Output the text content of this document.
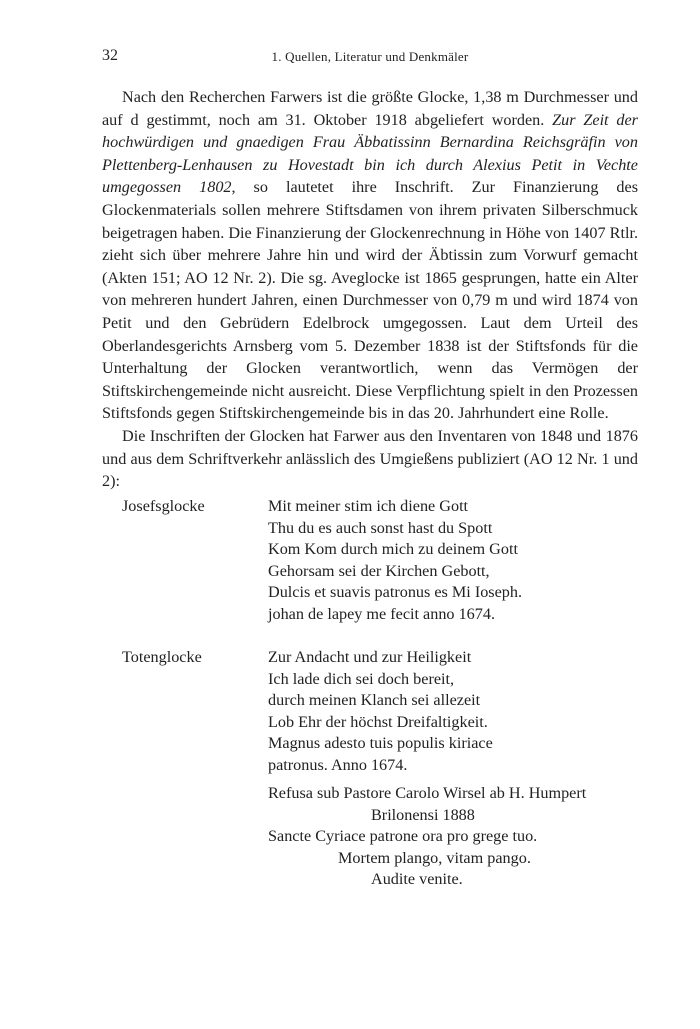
32	1. Quellen, Literatur und Denkmäler

Nach den Recherchen Farwers ist die größte Glocke, 1,38 m Durchmesser und auf d gestimmt, noch am 31. Oktober 1918 abgeliefert worden. Zur Zeit der hochwürdigen und gnaedigen Frau Äbbatissinn Bernardina Reichsgräfin von Plettenberg-Lenhausen zu Hovestadt bin ich durch Alexius Petit in Vechte umgegossen 1802, so lautetet ihre Inschrift. Zur Finanzierung des Glockenmaterials sollen mehrere Stiftsdamen von ihrem privaten Silberschmuck beigetragen haben. Die Finanzierung der Glockenrechnung in Höhe von 1407 Rtlr. zieht sich über mehrere Jahre hin und wird der Äbtissin zum Vorwurf gemacht (Akten 151; AO 12 Nr. 2). Die sg. Aveglocke ist 1865 gesprungen, hatte ein Alter von mehreren hundert Jahren, einen Durchmesser von 0,79 m und wird 1874 von Petit und den Gebrüdern Edelbrock umgegossen. Laut dem Urteil des Oberlandesgerichts Arnsberg vom 5. Dezember 1838 ist der Stiftsfonds für die Unterhaltung der Glocken verantwortlich, wenn das Vermögen der Stiftskirchengemeinde nicht ausreicht. Diese Verpflichtung spielt in den Prozessen Stiftsfonds gegen Stiftskirchengemeinde bis in das 20. Jahrhundert eine Rolle.

Die Inschriften der Glocken hat Farwer aus den Inventaren von 1848 und 1876 und aus dem Schriftverkehr anlässlich des Umgießens publiziert (AO 12 Nr. 1 und 2):

Josefsglocke	Mit meiner stim ich diene Gott
Thu du es auch sonst hast du Spott
Kom Kom durch mich zu deinem Gott
Gehorsam sei der Kirchen Gebott,
Dulcis et suavis patronus es Mi Ioseph.
johan de lapey me fecit anno 1674.
Totenglocke	Zur Andacht und zur Heiligkeit
Ich lade dich sei doch bereit,
durch meinen Klanch sei allezeit
Lob Ehr der höchst Dreifaltigkeit.
Magnus adesto tuis populis kiriace
patronus. Anno 1674.
Refusa sub Pastore Carolo Wirsel ab H. Humpert
Brilonensi 1888
Sancte Cyriace patrone ora pro grege tuo.
Mortem plango, vitam pango.
Audite venite.
